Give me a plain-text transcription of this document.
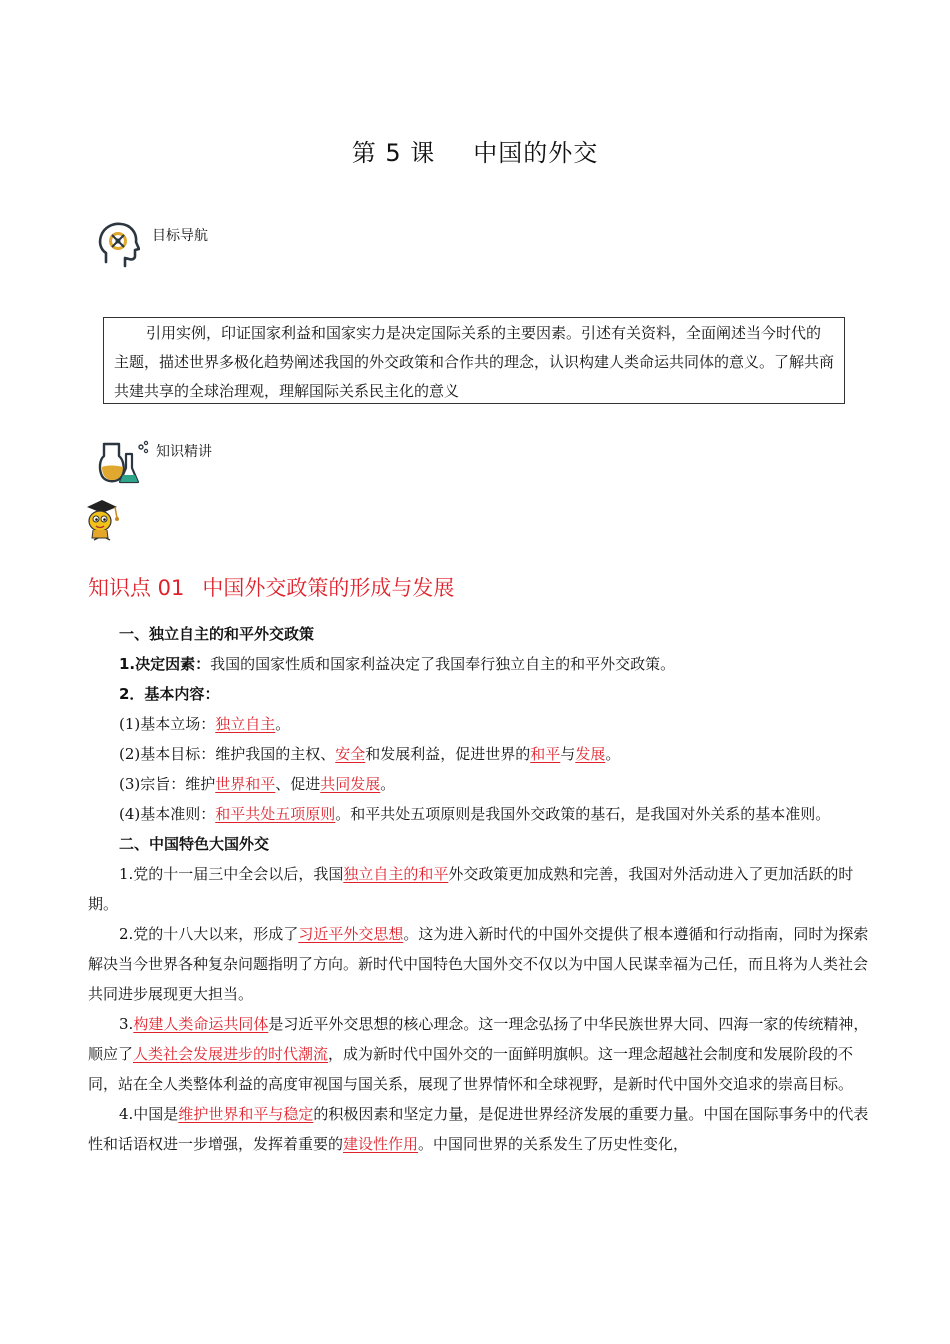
第 5 课 中国的外交
目标导航
引用实例，印证国家利益和国家实力是决定国际关系的主要因素。引述有关资料，全面阐述当今时代的主题，描述世界多极化趋势阐述我国的外交政策和合作共的理念，认识构建人类命运共同体的意义。了解共商共建共享的全球治理观，理解国际关系民主化的意义
知识精讲
知识点 01 中国外交政策的形成与发展

一、独立自主的和平外交政策

1.决定因素：我国的国家性质和国家利益决定了我国奉行独立自主的和平外交政策。

2．基本内容：

(1)基本立场：独立自主。

(2)基本目标：维护我国的主权、安全和发展利益，促进世界的和平与发展。

(3)宗旨：维护世界和平、促进共同发展。

(4)基本准则：和平共处五项原则。和平共处五项原则是我国外交政策的基石，是我国对外关系的基本准则。

二、中国特色大国外交

1.党的十一届三中全会以后，我国独立自主的和平外交政策更加成熟和完善，我国对外活动进入了更加活跃的时期。

2.党的十八大以来，形成了习近平外交思想。这为进入新时代的中国外交提供了根本遵循和行动指南，同时为探索解决当今世界各种复杂问题指明了方向。新时代中国特色大国外交不仅以为中国人民谋幸福为己任，而且将为人类社会共同进步展现更大担当。

3.构建人类命运共同体是习近平外交思想的核心理念。这一理念弘扬了中华民族世界大同、四海一家的传统精神，顺应了人类社会发展进步的时代潮流，成为新时代中国外交的一面鲜明旗帜。这一理念超越社会制度和发展阶段的不同，站在全人类整体利益的高度审视国与国关系，展现了世界情怀和全球视野，是新时代中国外交追求的崇高目标。

4.中国是维护世界和平与稳定的积极因素和坚定力量，是促进世界经济发展的重要力量。中国在国际事务中的代表性和话语权进一步增强，发挥着重要的建设性作用。中国同世界的关系发生了历史性变化，
